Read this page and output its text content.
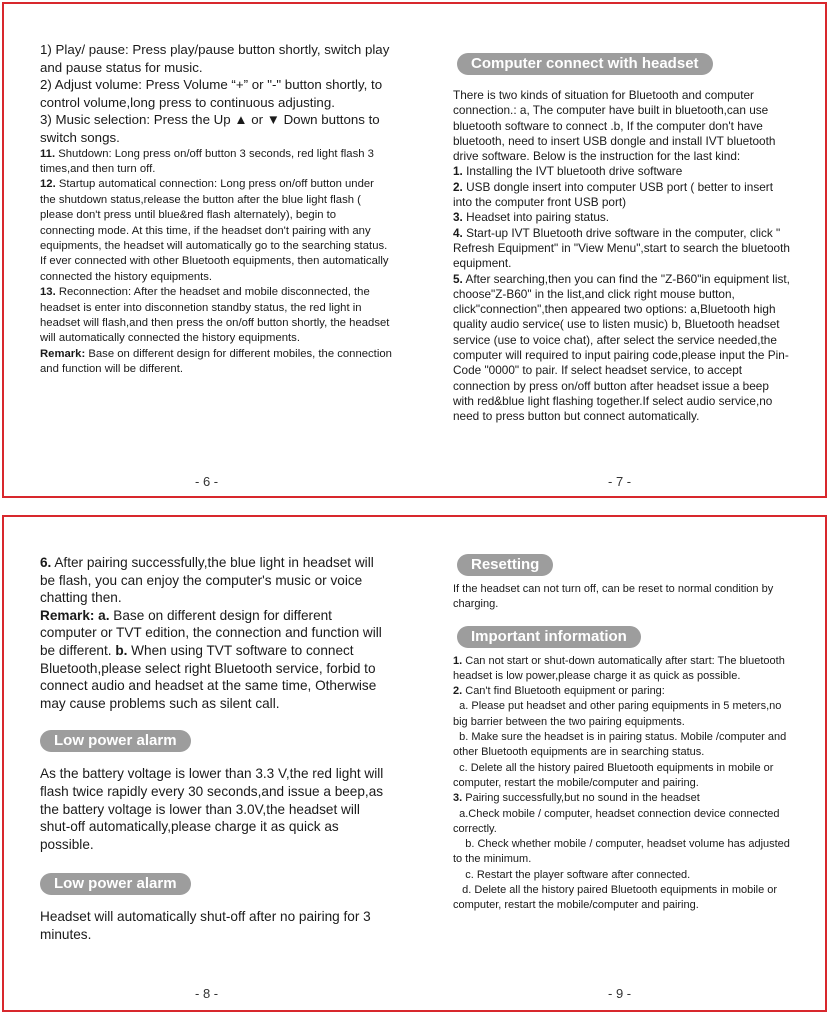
1) Play/ pause: Press play/pause button shortly, switch play and pause status for music.

2) Adjust volume: Press Volume “+” or "-" button shortly, to control volume,long press to continuous adjusting.

3) Music selection: Press the Up ▲ or ▼ Down buttons to switch songs.

11. Shutdown: Long press on/off button 3 seconds, red light flash 3 times,and then turn off.

12. Startup automatical connection: Long press on/off button under the shutdown status,release the button after the blue light flash ( please don't press until blue&red flash alternately), begin to connecting mode. At this time, if the headset don't pairing with any equipments, the headset will automatically go to the searching status. If ever connected with other Bluetooth equipments, then automatically connected the history equipments.

13. Reconnection: After the headset and mobile disconnected, the headset is enter into disconnetion standby status, the red light in headset will flash,and then press the on/off button shortly, the headset will automatically connected the history equipments.

Remark: Base on different design for different mobiles, the connection and function will be different.

- 6 -
Computer connect with headset

There is two kinds of situation for Bluetooth and computer connection.: a, The computer have built in bluetooth,can use bluetooth software to connect .b, If the computer don't have bluetooth, need to insert USB dongle and install IVT bluetooth drive software. Below is the instruction for the last kind:

1. Installing the IVT bluetooth drive software

2. USB dongle insert into computer USB port ( better to insert into the computer front USB port)

3. Headset into pairing status.

4. Start-up IVT Bluetooth drive software in the computer, click " Refresh Equipment" in "View Menu",start to search the bluetooth equipment.

5. After searching,then you can find the "Z-B60"in equipment list, choose"Z-B60" in the list,and click right mouse button, click"connection",then appeared two options: a,Bluetooth high quality audio service( use to listen music) b, Bluetooth headset service (use to voice chat), after select the service needed,the computer will required to input pairing code,please input the Pin-Code "0000" to pair. If select headset service, to accept connection by press on/off button after headset issue a beep with red&blue light flashing together.If select audio service,no need to press button but connect automatically.

- 7 -

6. After pairing successfully,the blue light in headset will be flash, you can enjoy the computer's music or voice chatting then.

Remark: a. Base on different design for different computer or TVT edition, the connection and function will be different. b. When using TVT software to connect Bluetooth,please select right Bluetooth service, forbid to connect audio and headset at the same time, Otherwise may cause problems such as silent call.

Low power alarm

As the battery voltage is lower than 3.3 V,the red light will flash twice rapidly every 30 seconds,and issue a beep,as the battery voltage is lower than 3.0V,the headset will shut-off automatically,please charge it as quick as possible.

Low power alarm

Headset will automatically shut-off after no pairing for 3 minutes.

- 8 -
Resetting

If the headset can not turn off, can be reset to normal condition by charging.

Important information

1. Can not start or shut-down automatically after start: The bluetooth headset is low power,please charge it as quick as possible.

2. Can't find Bluetooth equipment or paring:

a. Please put headset and other paring equipments in 5 meters,no big barrier between the two pairing equipments.

b. Make sure the headset is in pairing status. Mobile /computer and other Bluetooth equipments are in searching status.

c. Delete all the history paired Bluetooth equipments in mobile or computer, restart the mobile/computer and pairing.

3. Pairing successfully,but no sound in the headset

a.Check mobile / computer, headset connection device connected correctly.

b. Check whether mobile / computer, headset volume has adjusted to the minimum.

c. Restart the player software after connected.

d. Delete all the history paired Bluetooth equipments in mobile or computer, restart the mobile/computer and pairing.

- 9 -
